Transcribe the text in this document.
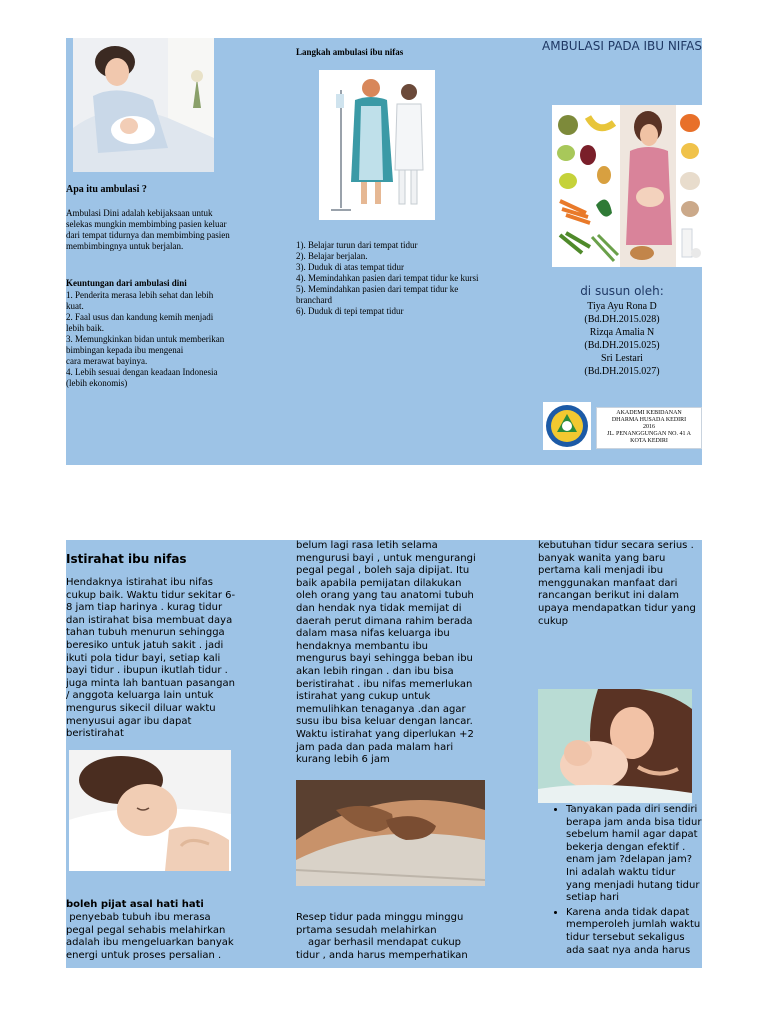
Apa itu ambulasi ?

Ambulasi Dini adalah kebijaksaan untuk selekas mungkin membimbing pasien keluar dari tempat tidurnya dan membimbing pasien membimbingnya untuk berjalan.

Keuntungan dari ambulasi dini

1. Penderita merasa lebih sehat dan lebih kuat.

2. Faal usus dan kandung kemih menjadi lebih baik.

3. Memungkinkan bidan untuk memberikan bimbingan kepada ibu mengenai

cara merawat bayinya.

4. Lebih sesuai dengan keadaan Indonesia (lebih ekonomis)

Langkah ambulasi ibu nifas

1). Belajar turun dari tempat tidur

2). Belajar berjalan.

3). Duduk di atas tempat tidur

4). Memindahkan pasien dari tempat tidur ke kursi

5). Memindahkan pasien dari tempat tidur ke branchard

6). Duduk di tepi tempat tidur

AMBULASI PADA IBU NIFAS

di susun oleh:

Tiya Ayu Rona D

(Bd.DH.2015.028)

Rizqa Amalia N

(Bd.DH.2015.025)

Sri Lestari

(Bd.DH.2015.027)

AKADEMI KEBIDANAN

DHARMA HUSADA KEDIRI

2016

JL. PENANGGUNGAN NO. 41 A

KOTA KEDIRI

Istirahat ibu nifas

Hendaknya istirahat ibu nifas cukup baik. Waktu tidur sekitar 6-8 jam tiap harinya . kurag tidur dan istirahat bisa membuat daya tahan tubuh menurun sehingga beresiko untuk jatuh sakit . jadi ikuti pola tidur bayi, setiap kali bayi tidur . ibupun ikutlah tidur . juga minta lah bantuan pasangan / anggota keluarga lain untuk mengurus sikecil diluar waktu menyusui agar ibu dapat beristirahat

boleh pijat asal hati hati

penyebab tubuh ibu merasa pegal pegal sehabis melahirkan adalah ibu mengeluarkan banyak energi untuk proses persalian .

belum lagi rasa letih selama mengurusi bayi , untuk mengurangi pegal pegal , boleh saja dipijat. Itu baik apabila pemijatan dilakukan oleh orang yang tau anatomi tubuh dan hendak nya tidak memijat di daerah perut dimana rahim berada dalam masa nifas keluarga ibu hendaknya membantu ibu mengurus bayi sehingga beban ibu akan lebih ringan . dan ibu bisa beristirahat . ibu nifas memerlukan istirahat yang cukup untuk memulihkan tenaganya .dan agar susu ibu bisa keluar dengan lancar. Waktu istirahat yang diperlukan +2 jam pada dan pada malam hari kurang lebih 6 jam

Resep tidur pada minggu minggu prtama sesudah melahirkan

agar berhasil mendapat cukup tidur , anda harus memperhatikan

kebutuhan tidur secara serius . banyak wanita yang baru pertama kali menjadi ibu menggunakan manfaat dari rancangan berikut ini dalam upaya mendapatkan tidur yang cukup

• Tanyakan pada diri sendiri berapa jam anda bisa tidur sebelum hamil agar dapat bekerja dengan efektif . enam jam ?delapan jam? Ini adalah waktu tidur yang menjadi hutang tidur setiap hari
• Karena anda tidak dapat memperoleh jumlah waktu tidur tersebut sekaligus ada saat nya anda harus
